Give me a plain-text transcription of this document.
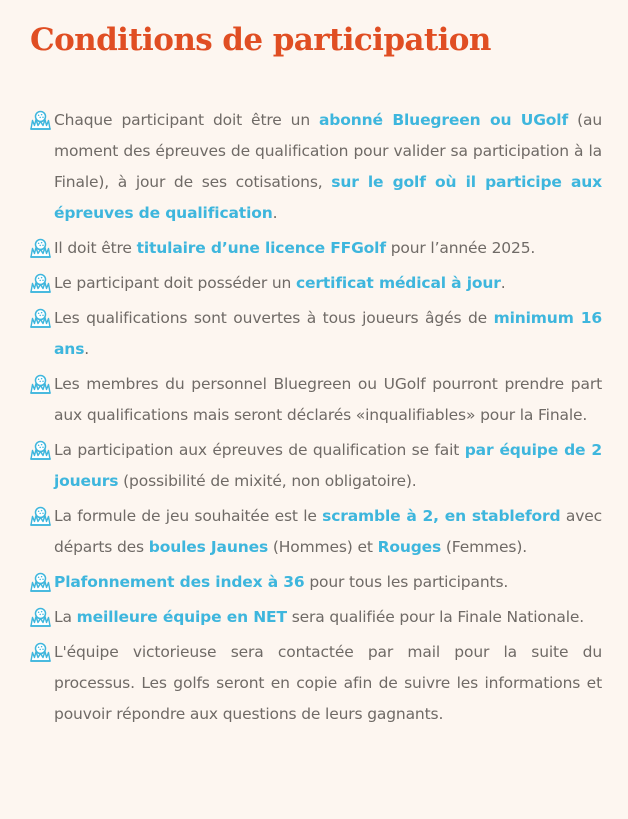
Conditions de participation
Chaque participant doit être un abonné Bluegreen ou UGolf (au moment des épreuves de qualification pour valider sa participation à la Finale), à jour de ses cotisations, sur le golf où il participe aux épreuves de qualification.
Il doit être titulaire d’une licence FFGolf pour l’année 2025.
Le participant doit posséder un certificat médical à jour.
Les qualifications sont ouvertes à tous joueurs âgés de minimum 16 ans.
Les membres du personnel Bluegreen ou UGolf pourront prendre part aux qualifications mais seront déclarés «inqualifiables» pour la Finale.
La participation aux épreuves de qualification se fait par équipe de 2 joueurs (possibilité de mixité, non obligatoire).
La formule de jeu souhaitée est le scramble à 2, en stableford avec départs des boules Jaunes (Hommes) et Rouges (Femmes).
Plafonnement des index à 36 pour tous les participants.
La meilleure équipe en NET sera qualifiée pour la Finale Nationale.
L'équipe victorieuse sera contactée par mail pour la suite du processus. Les golfs seront en copie afin de suivre les informations et pouvoir répondre aux questions de leurs gagnants.
